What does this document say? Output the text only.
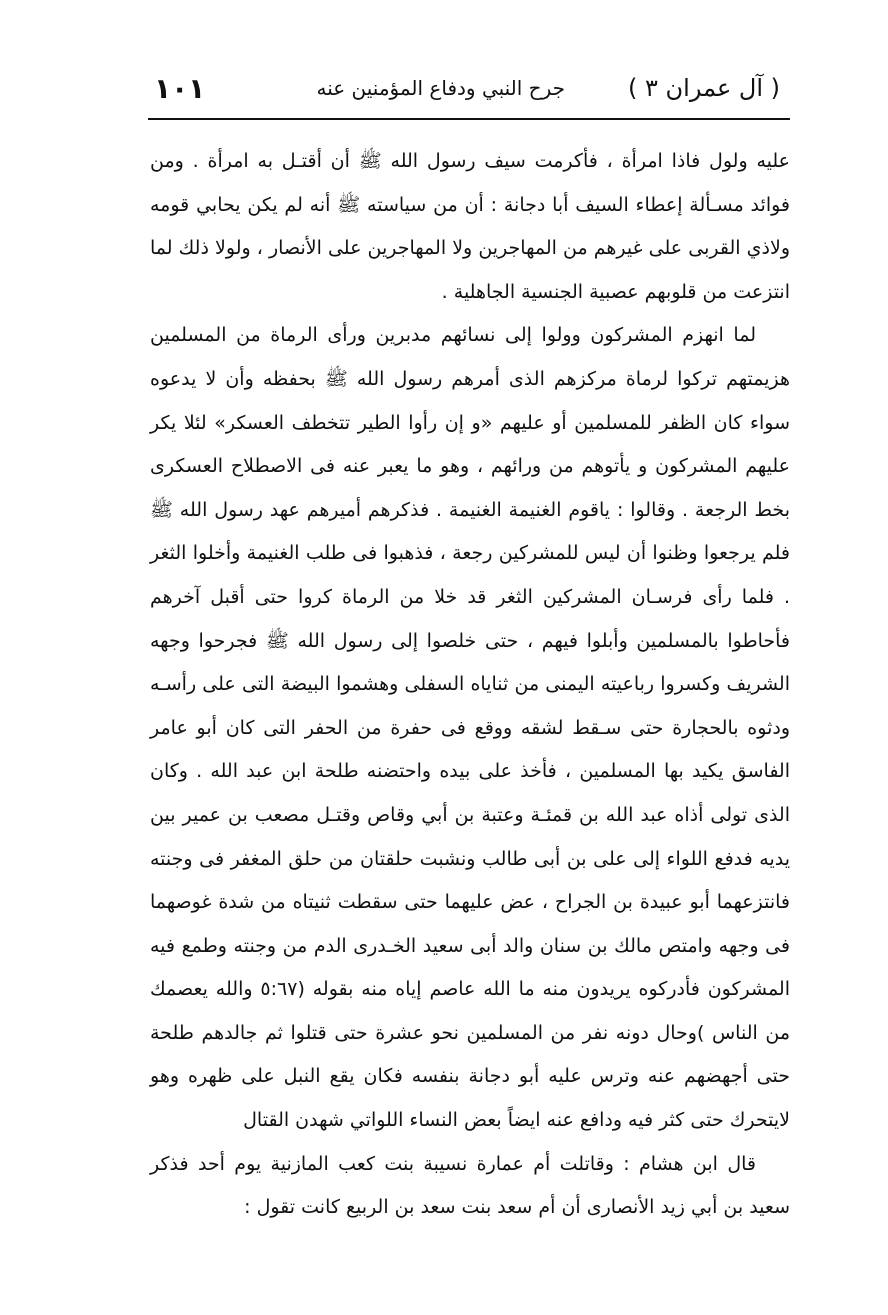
( آل عمران ٣ )
جرح النبي ودفاع المؤمنين عنه
١٠١

عليه ولول فاذا امرأة ، فأكرمت سيف رسول الله ﷺ أن أقتـل به امرأة . ومن فوائد مسـألة إعطاء السيف أبا دجانة : أن من سياسته ﷺ أنه لم يكن يحابي قومه ولاذي القربى على غيرهم من المهاجرين ولا المهاجرين على الأنصار ، ولولا ذلك لما انتزعت من قلوبهم عصبية الجنسية الجاهلية .

لما انهزم المشركون وولوا إلى نسائهم مدبرين ورأى الرماة من المسلمين هزيمتهم تركوا لرماة مركزهم الذى أمرهم رسول الله ﷺ بحفظه وأن لا يدعوه سواء كان الظفر للمسلمين أو عليهم «و إن رأوا الطير تتخطف العسكر» لئلا يكر عليهم المشركون و يأتوهم من ورائهم ، وهو ما يعبر عنه فى الاصطلاح العسكرى بخط الرجعة . وقالوا : ياقوم الغنيمة الغنيمة . فذكرهم أميرهم عهد رسول الله ﷺ فلم يرجعوا وظنوا أن ليس للمشركين رجعة ، فذهبوا فى طلب الغنيمة وأخلوا الثغر . فلما رأى فرسـان المشركين الثغر قد خلا من الرماة كروا حتى أقبل آخرهم فأحاطوا بالمسلمين وأبلوا فيهم ، حتى خلصوا إلى رسول الله ﷺ فجرحوا وجهه الشريف وكسروا رباعيته اليمنى من ثناياه السفلى وهشموا البيضة التى على رأسـه ودثوه بالحجارة حتى سـقط لشقه ووقع فى حفرة من الحفر التى كان أبو عامر الفاسق يكيد بها المسلمين ، فأخذ على بيده واحتضنه طلحة ابن عبد الله . وكان الذى تولى أذاه عبد الله بن قمئـة وعتبة بن أبي وقاص وقتـل مصعب بن عمير بين يديه فدفع اللواء إلى على بن أبى طالب ونشبت حلقتان من حلق المغفر فى وجنته فانتزعهما أبو عبيدة بن الجراح ، عض عليهما حتى سقطت ثنيتاه من شدة غوصهما فى وجهه وامتص مالك بن سنان والد أبى سعيد الخـدرى الدم من وجنته وطمع فيه المشركون فأدركوه يريدون منه ما الله عاصم إياه منه بقوله (٥:٦٧ والله يعصمك من الناس )وحال دونه نفر من المسلمين نحو عشرة حتى قتلوا ثم جالدهم طلحة حتى أجهضهم عنه وترس عليه أبو دجانة بنفسه فكان يقع النبل على ظهره وهو لايتحرك حتى كثر فيه ودافع عنه ايضاً بعض النساء اللواتي شهدن القتال

قال ابن هشام : وقاتلت أم عمارة نسيبة بنت كعب المازنية يوم أحد فذكر سعيد بن أبي زيد الأنصارى أن أم سعد بنت سعد بن الربيع كانت تقول :
